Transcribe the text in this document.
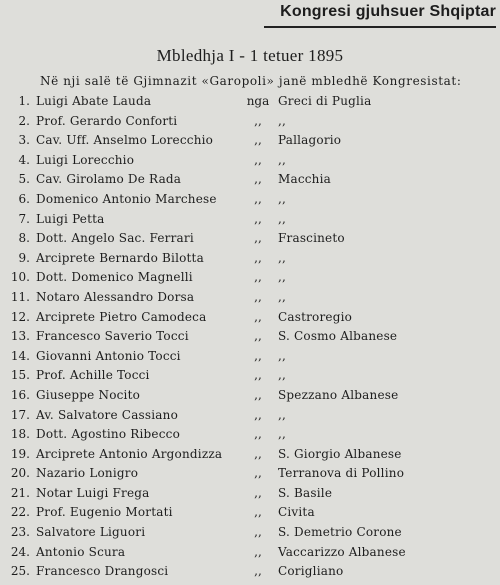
Kongresi gjuhsuer Shqiptar
Mbledhja I - 1 tetuer 1895
Në nji salë të Gjimnazit «Garopoli» janë mbledhë Kongresistat:
1. Luigi Abate Lauda	nga Greci di Puglia
2. Prof. Gerardo Conforti	,,	,,
3. Cav. Uff. Anselmo Lorecchio	,,	Pallagorio
4. Luigi Lorecchio	,,	,,
5. Cav. Girolamo De Rada	,,	Macchia
6. Domenico Antonio Marchese	,,	,,
7. Luigi Petta	,,	,,
8. Dott. Angelo Sac. Ferrari	,,	Frascineto
9. Arciprete Bernardo Bilotta	,,	,,
10. Dott. Domenico Magnelli	,,	,,
11. Notaro Alessandro Dorsa	,,	,,
12. Arciprete Pietro Camodeca	,,	Castroregio
13. Francesco Saverio Tocci	,,	S. Cosmo Albanese
14. Giovanni Antonio Tocci	,,	,,
15. Prof. Achille Tocci	,,	,,
16. Giuseppe Nocito	,,	Spezzano Albanese
17. Av. Salvatore Cassiano	,,	,,
18. Dott. Agostino Ribecco	,,	,,
19. Arciprete Antonio Argondizza	,,	S. Giorgio Albanese
20. Nazario Lonigro	,,	Terranova di Pollino
21. Notar Luigi Frega	,,	S. Basile
22. Prof. Eugenio Mortati	,,	Civita
23. Salvatore Liguori	,,	S. Demetrio Corone
24. Antonio Scura	,,	Vaccarizzo Albanese
25. Francesco Drangosci	,,	Corigliano
